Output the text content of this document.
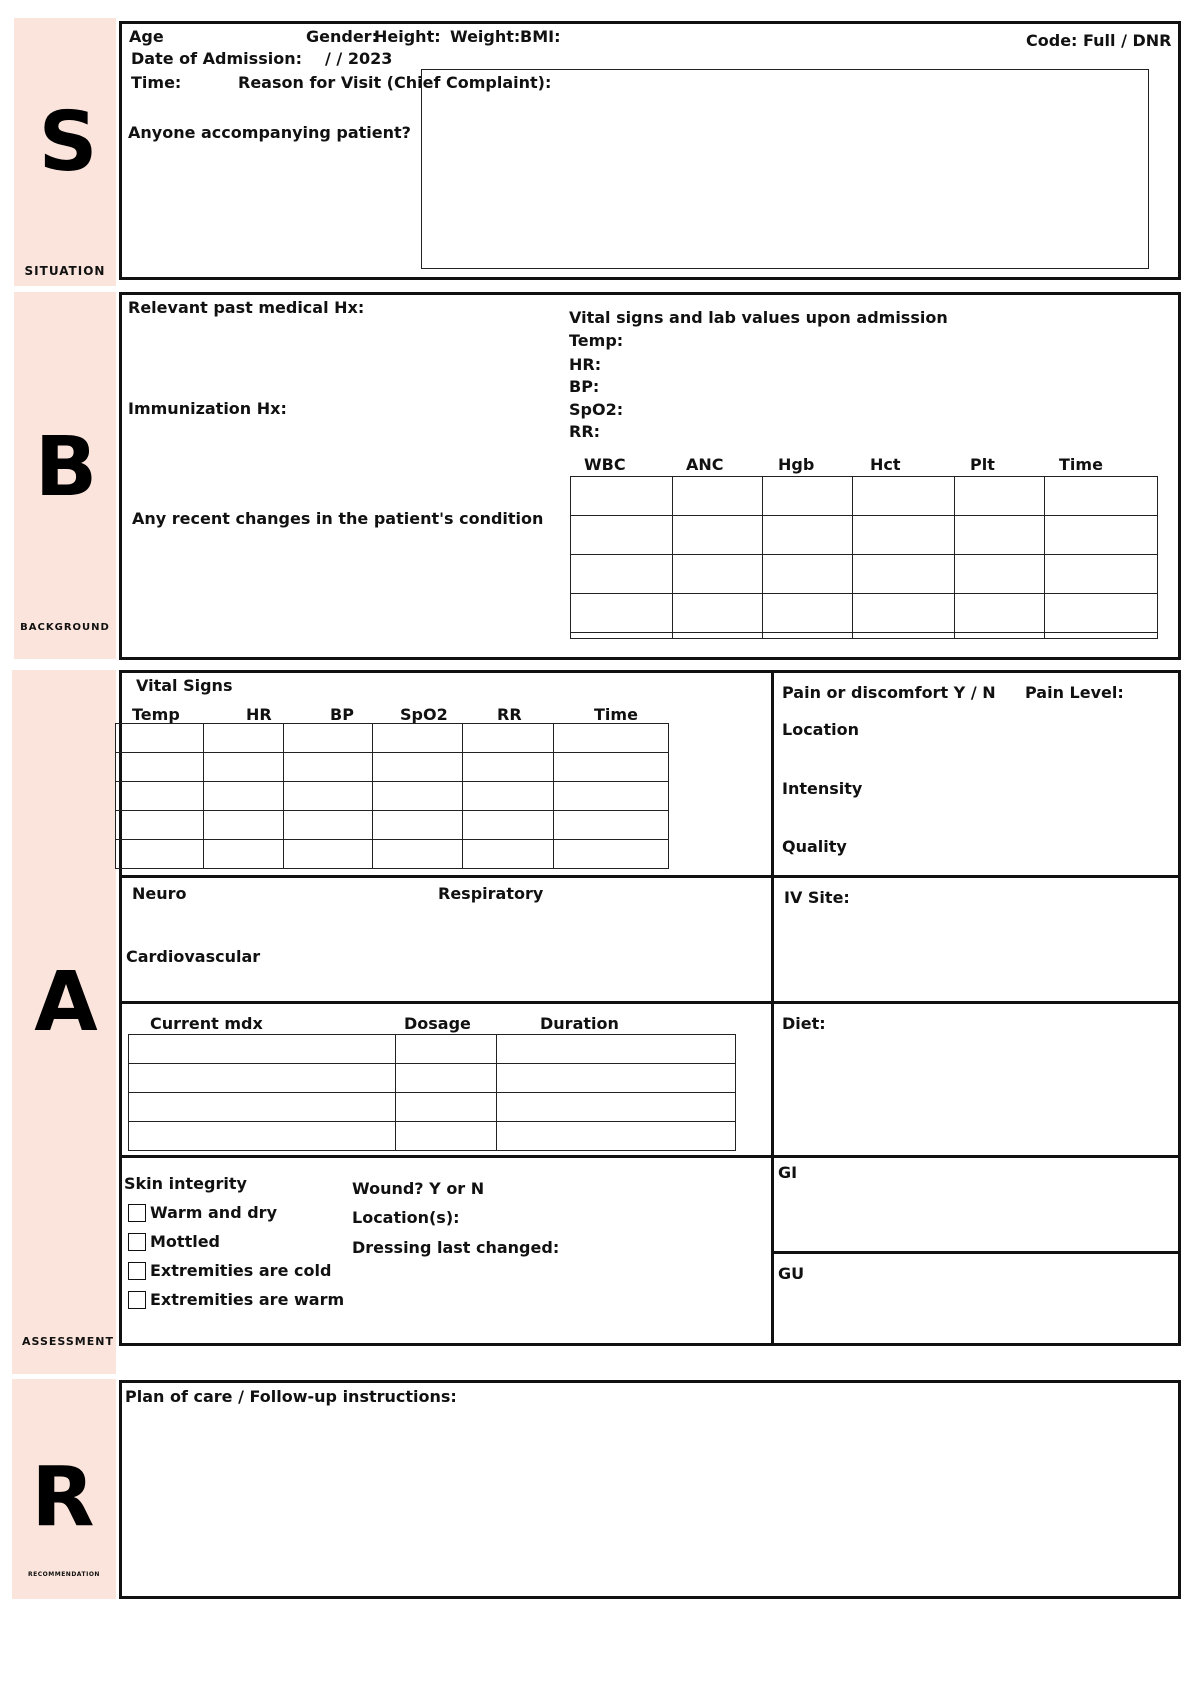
S
SITUATION
Age	Gender:
Height: Weight: BMI:	Code: Full / DNR
Date of Admission: / / 2023
Time:	Reason for Visit (Chief Complaint):
Anyone accompanying patient?
B
BACKGROUND
Relevant past medical Hx:
Immunization Hx:
Any recent changes in the patient's condition
Vital signs and lab values upon admission
Temp:
HR:
BP:
SpO2:
RR:
WBC	ANC	Hgb	Hct	Plt	Time

A
ASSESSMENT
Vital Signs
Temp	HR	BP	SpO2	RR	Time

Pain or discomfort Y / N Pain Level:
Location
Intensity
Quality
Neuro	Respiratory
Cardiovascular
IV Site:
Current mdx	Dosage	Duration

			Diet:
Skin integrity
Warm and dry
Mottled
Extremities are cold
Extremities are warm
Wound? Y or N
Location(s):
Dressing last changed:
GI
GU
R
RECOMMENDATION
Plan of care / Follow-up instructions:
